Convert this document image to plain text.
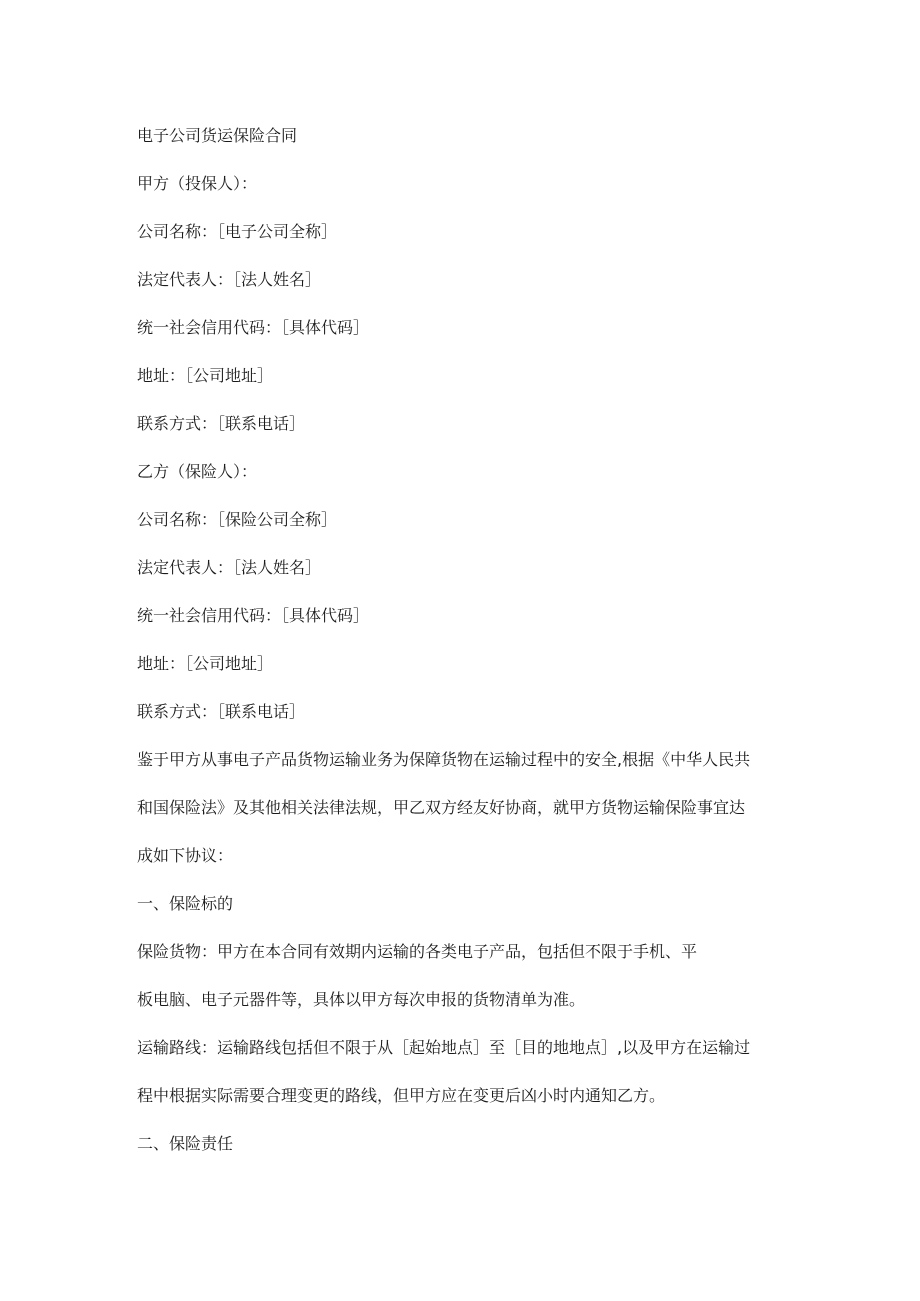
电子公司货运保险合同
甲方（投保人）：
公司名称：［电子公司全称］
法定代表人：［法人姓名］
统一社会信用代码：［具体代码］
地址：［公司地址］
联系方式：［联系电话］
乙方（保险人）：
公司名称：［保险公司全称］
法定代表人：［法人姓名］
统一社会信用代码：［具体代码］
地址：［公司地址］
联系方式：［联系电话］
鉴于甲方从事电子产品货物运输业务为保障货物在运输过程中的安全,根据《中华人民共
和国保险法》及其他相关法律法规，甲乙双方经友好协商，就甲方货物运输保险事宜达
成如下协议：
一、保险标的
保险货物：甲方在本合同有效期内运输的各类电子产品，包括但不限于手机、平
板电脑、电子元器件等，具体以甲方每次申报的货物清单为准。
运输路线：运输路线包括但不限于从［起始地点］至［目的地地点］,以及甲方在运输过
程中根据实际需要合理变更的路线，但甲方应在变更后凶小时内通知乙方。
二、保险责任
